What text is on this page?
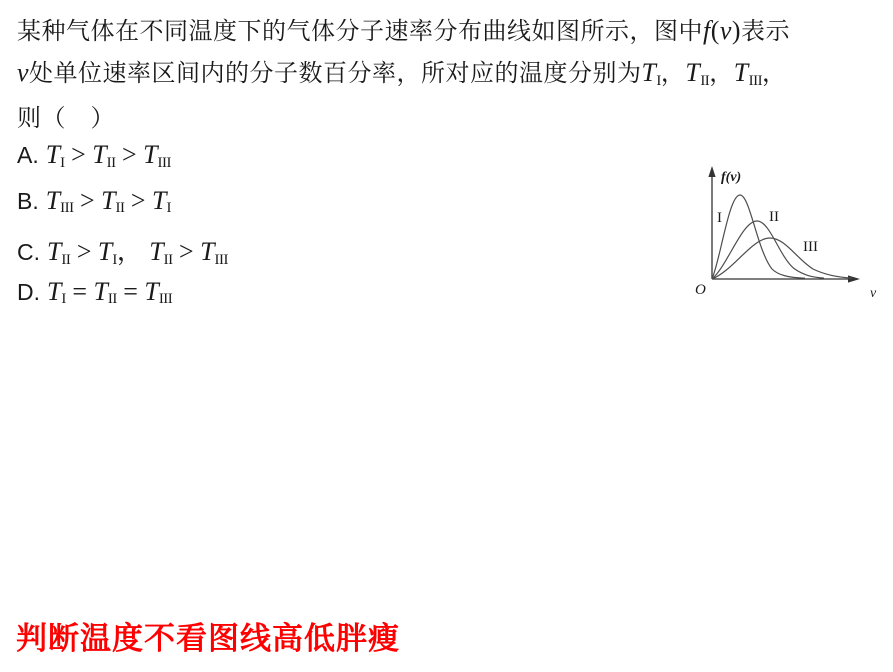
某种气体在不同温度下的气体分子速率分布曲线如图所示，图中f(v)表示

v处单位速率区间内的分子数百分率，所对应的温度分别为TI，TII，TIII，

则（　）

A. TI > TII > TIII
B. TIII > TII > TI
C. TII > TI， TII > TIII
D. TI = TII = TIII
f(v)
O	v
I	II
III
判断温度不看图线高低胖瘦
